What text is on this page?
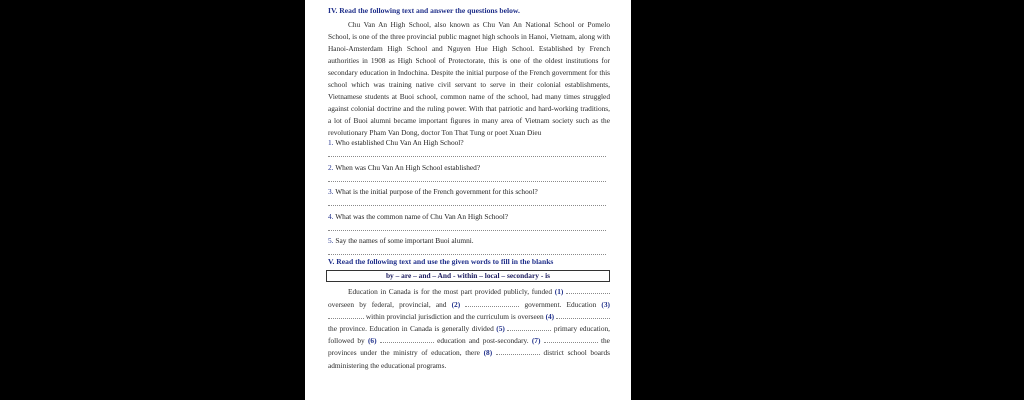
IV. Read the following text and answer the questions below.

Chu Van An High School, also known as Chu Van An National School or Pomelo School, is one of the three provincial public magnet high schools in Hanoi, Vietnam, along with Hanoi-Amsterdam High School and Nguyen Hue High School. Established by French authorities in 1908 as High School of Protectorate, this is one of the oldest institutions for secondary education in Indochina. Despite the initial purpose of the French government for this school which was training native civil servant to serve in their colonial establishments, Vietnamese students at Buoi school, common name of the school, had many times struggled against colonial doctrine and the ruling power. With that patriotic and hard-working traditions, a lot of Buoi alumni became important figures in many area of Vietnam society such as the revolutionary Pham Van Dong, doctor Ton That Tung or poet Xuan Dieu

1. Who established Chu Van An High School?
2. When was Chu Van An High School established?
3. What is the initial purpose of the French government for this school?
4. What was the common name of Chu Van An High School?
5. Say the names of some important Buoi alumni.

V. Read the following text and use the given words to fill in the blanks

by – are – and – And - within – local – secondary - is

Education in Canada is for the most part provided publicly, funded (1)  overseen by federal, provincial, and (2)	government. Education (3)  within provincial jurisdiction and the curriculum is overseen (4)  the province. Education in Canada is generally divided (5)	primary education, followed by (6)	education and post-secondary. (7)	the provinces under the ministry of education, there (8)	district school boards administering the educational programs.
